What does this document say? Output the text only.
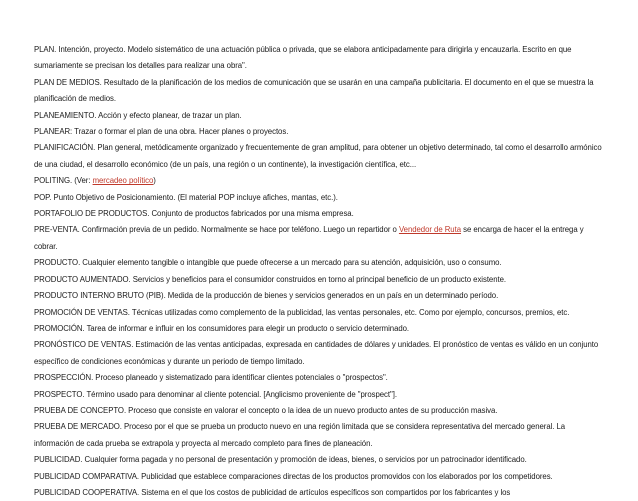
PLAN. Intención, proyecto. Modelo sistemático de una actuación pública o privada, que se elabora anticipadamente para dirigirla y encauzarla. Escrito en que sumariamente se precisan los detalles para realizar una obra".
PLAN DE MEDIOS. Resultado de la planificación de los medios de comunicación que se usarán en una campaña publicitaria. El documento en el que se muestra la planificación de medios.
PLANEAMIENTO. Acción y efecto planear, de trazar un plan.
PLANEAR: Trazar o formar el plan de una obra. Hacer planes o proyectos.
PLANIFICACIÓN. Plan general, metódicamente organizado y frecuentemente de gran amplitud, para obtener un objetivo determinado, tal como el desarrollo armónico de una ciudad, el desarrollo económico (de un país, una región o un continente), la investigación científica, etc...
POLITING. (Ver: mercadeo político)
POP. Punto Objetivo de Posicionamiento. (El material POP incluye afiches, mantas, etc.).
PORTAFOLIO DE PRODUCTOS. Conjunto de productos fabricados por una misma empresa.
PRE-VENTA. Confirmación previa de un pedido. Normalmente se hace por teléfono. Luego un repartidor o Vendedor de Ruta se encarga de hacer el la entrega y cobrar.
PRODUCTO. Cualquier elemento tangible o intangible que puede ofrecerse a un mercado para su atención, adquisición, uso o consumo.
PRODUCTO AUMENTADO. Servicios y beneficios para el consumidor construidos en torno al principal beneficio de un producto existente.
PRODUCTO INTERNO BRUTO (PIB). Medida de la producción de bienes y servicios generados en un país en un determinado período.
PROMOCIÓN DE VENTAS. Técnicas utilizadas como complemento de la publicidad, las ventas personales, etc. Como por ejemplo, concursos, premios, etc.
PROMOCIÓN. Tarea de informar e influir en los consumidores para elegir un producto o servicio determinado.
PRONÓSTICO DE VENTAS. Estimación de las ventas anticipadas, expresada en cantidades de dólares y unidades. El pronóstico de ventas es válido en un conjunto específico de condiciones económicas y durante un periodo de tiempo limitado.
PROSPECCIÓN. Proceso planeado y sistematizado para identificar clientes potenciales o "prospectos".
PROSPECTO. Término usado para denominar al cliente potencial. [Anglicismo proveniente de "prospect"].
PRUEBA DE CONCEPTO. Proceso que consiste en valorar el concepto o la idea de un nuevo producto antes de su producción masiva.
PRUEBA DE MERCADO. Proceso por el que se prueba un producto nuevo en una región limitada que se considera representativa del mercado general. La información de cada prueba se extrapola y proyecta al mercado completo para fines de planeación.
PUBLICIDAD. Cualquier forma pagada y no personal de presentación y promoción de ideas, bienes, o servicios por un patrocinador identificado.
PUBLICIDAD COMPARATIVA. Publicidad que establece comparaciones directas de los productos promovidos con los elaborados por los competidores.
PUBLICIDAD COOPERATIVA. Sistema en el que los costos de publicidad de artículos específicos son compartidos por los fabricantes y los
